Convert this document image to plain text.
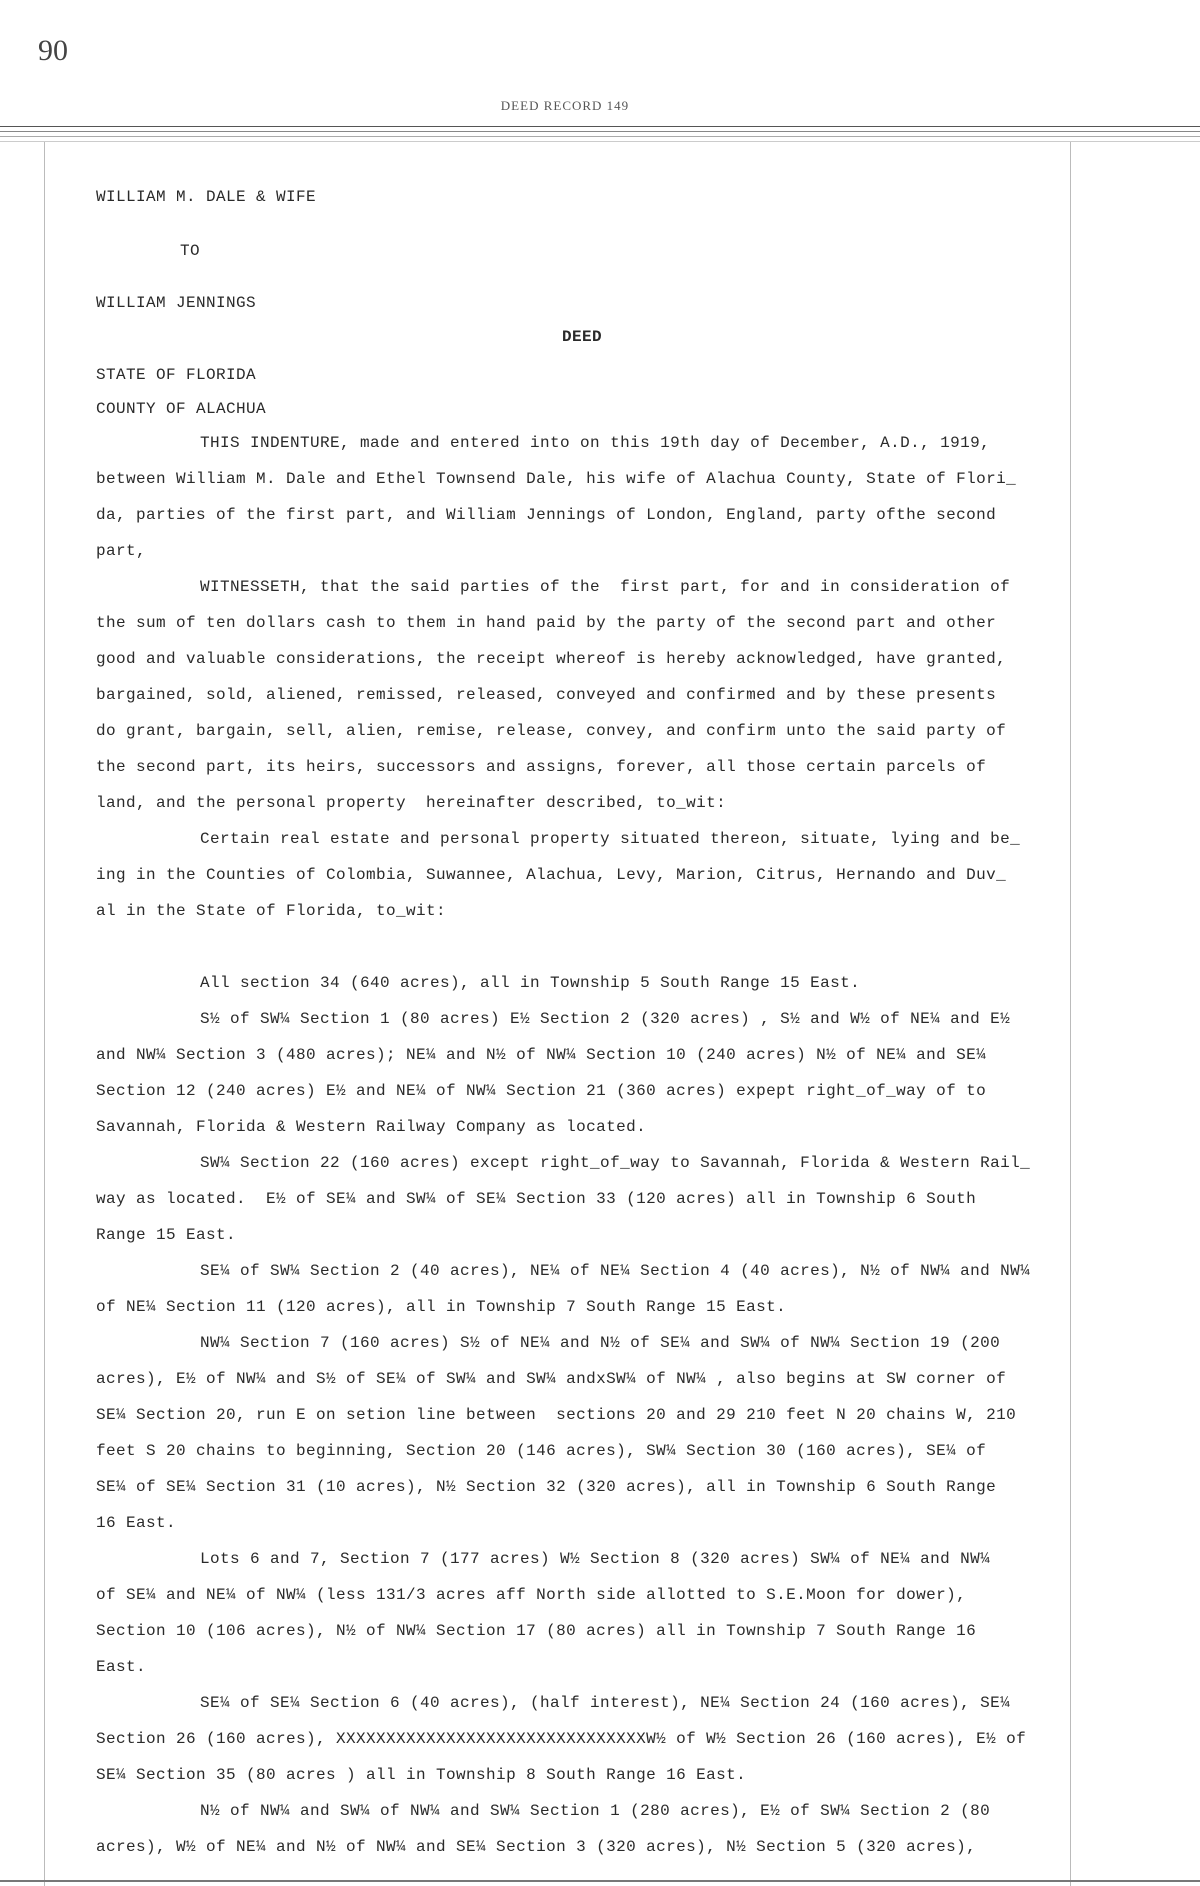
90
DEED RECORD 149
WILLIAM M. DALE & WIFE
TO
WILLIAM JENNINGS
DEED
STATE OF FLORIDA
COUNTY OF ALACHUA
THIS INDENTURE, made and entered into on this 19th day of December, A.D., 1919,
between William M. Dale and Ethel Townsend Dale, his wife of Alachua County, State of Flori_
da, parties of the first part, and William Jennings of London, England, party ofthe second
part,
WITNESSETH, that the said parties of the  first part, for and in consideration of
the sum of ten dollars cash to them in hand paid by the party of the second part and other
good and valuable considerations, the receipt whereof is hereby acknowledged, have granted,
bargained, sold, aliened, remissed, released, conveyed and confirmed and by these presents
do grant, bargain, sell, alien, remise, release, convey, and confirm unto the said party of
the second part, its heirs, successors and assigns, forever, all those certain parcels of
land, and the personal property  hereinafter described, to_wit:
Certain real estate and personal property situated thereon, situate, lying and be_
ing in the Counties of Colombia, Suwannee, Alachua, Levy, Marion, Citrus, Hernando and Duv_
al in the State of Florida, to_wit:
All section 34 (640 acres), all in Township 5 South Range 15 East.
S½ of SW¼ Section 1 (80 acres) E½ Section 2 (320 acres) , S½ and W½ of NE¼ and E½
and NW¼ Section 3 (480 acres); NE¼ and N½ of NW¼ Section 10 (240 acres) N½ of NE¼ and SE¼
Section 12 (240 acres) E½ and NE¼ of NW¼ Section 21 (360 acres) expept right_of_way of to
Savannah, Florida & Western Railway Company as located.
SW¼ Section 22 (160 acres) except right_of_way to Savannah, Florida & Western Rail_
way as located.  E½ of SE¼ and SW¼ of SE¼ Section 33 (120 acres) all in Township 6 South
Range 15 East.
SE¼ of SW¼ Section 2 (40 acres), NE¼ of NE¼ Section 4 (40 acres), N½ of NW¼ and NW¼
of NE¼ Section 11 (120 acres), all in Township 7 South Range 15 East.
NW¼ Section 7 (160 acres) S½ of NE¼ and N½ of SE¼ and SW¼ of NW¼ Section 19 (200
acres), E½ of NW¼ and S½ of SE¼ of SW¼ and SW¼ andxSW¼ of NW¼ , also begins at SW corner of
SE¼ Section 20, run E on setion line between  sections 20 and 29 210 feet N 20 chains W, 210
feet S 20 chains to beginning, Section 20 (146 acres), SW¼ Section 30 (160 acres), SE¼ of
SE¼ of SE¼ Section 31 (10 acres), N½ Section 32 (320 acres), all in Township 6 South Range
16 East.
Lots 6 and 7, Section 7 (177 acres) W½ Section 8 (320 acres) SW¼ of NE¼ and NW¼
of SE¼ and NE¼ of NW¼ (less 131/3 acres aff North side allotted to S.E.Moon for dower),
Section 10 (106 acres), N½ of NW¼ Section 17 (80 acres) all in Township 7 South Range 16
East.
SE¼ of SE¼ Section 6 (40 acres), (half interest), NE¼ Section 24 (160 acres), SE¼
Section 26 (160 acres), XXXXXXXXXXXXXXXXXXXXXXXXXXXXXXXW½ of W½ Section 26 (160 acres), E½ of
SE¼ Section 35 (80 acres ) all in Township 8 South Range 16 East.
N½ of NW¼ and SW¼ of NW¼ and SW¼ Section 1 (280 acres), E½ of SW¼ Section 2 (80
acres), W½ of NE¼ and N½ of NW¼ and SE¼ Section 3 (320 acres), N½ Section 5 (320 acres),
